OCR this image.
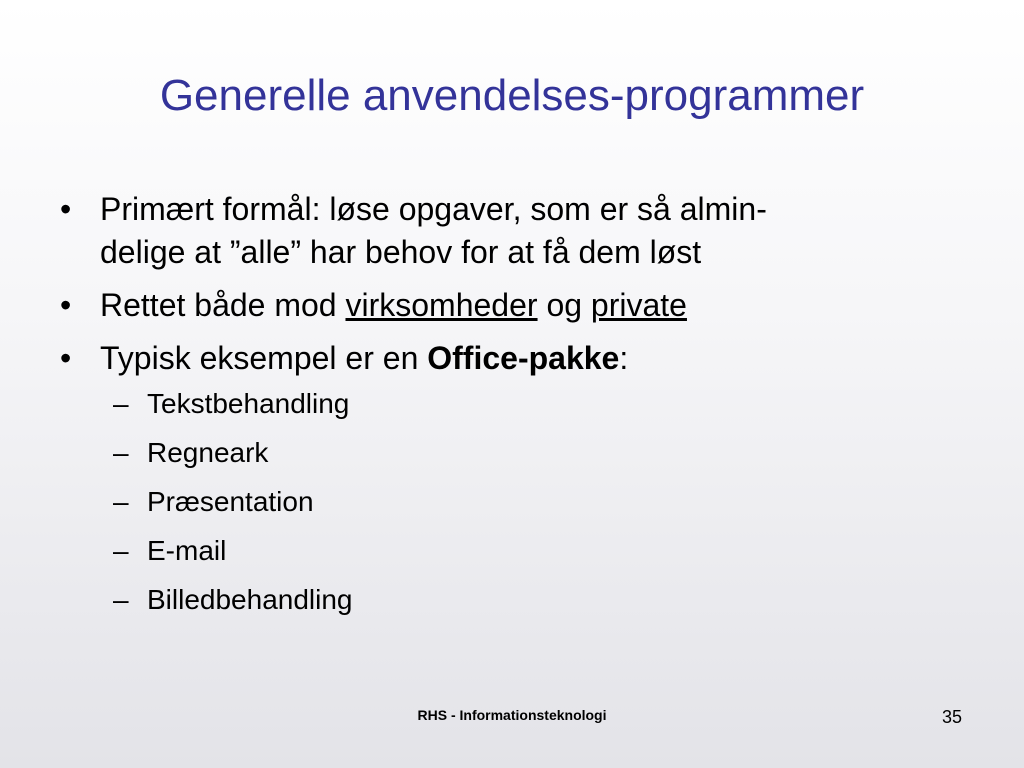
Generelle anvendelses-programmer
• Primært formål: løse opgaver, som er så almin-
delige at ”alle” har behov for at få dem løst
• Rettet både mod virksomheder og private
• Typisk eksempel er en Office-pakke:
– Tekstbehandling
– Regneark
– Præsentation
– E-mail
– Billedbehandling
RHS - Informationsteknologi	35
